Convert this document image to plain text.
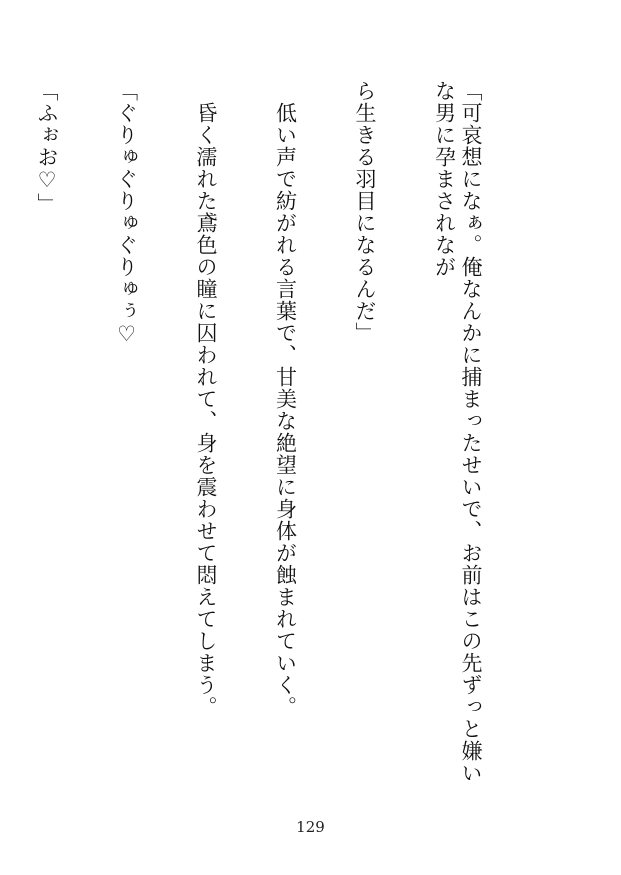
「可哀想になぁ。俺なんかに捕まったせいで、お前はこの先ずっと嫌いな男に孕まされなが

ら生きる羽目になるんだ」

　低い声で紡がれる言葉で、甘美な絶望に身体が蝕まれていく。

　昏く濡れた鳶色の瞳に囚われて、身を震わせて悶えてしまう。

「ぐりゅぐりゅぐりゅぅ♡

「ふぉお♡」

129
